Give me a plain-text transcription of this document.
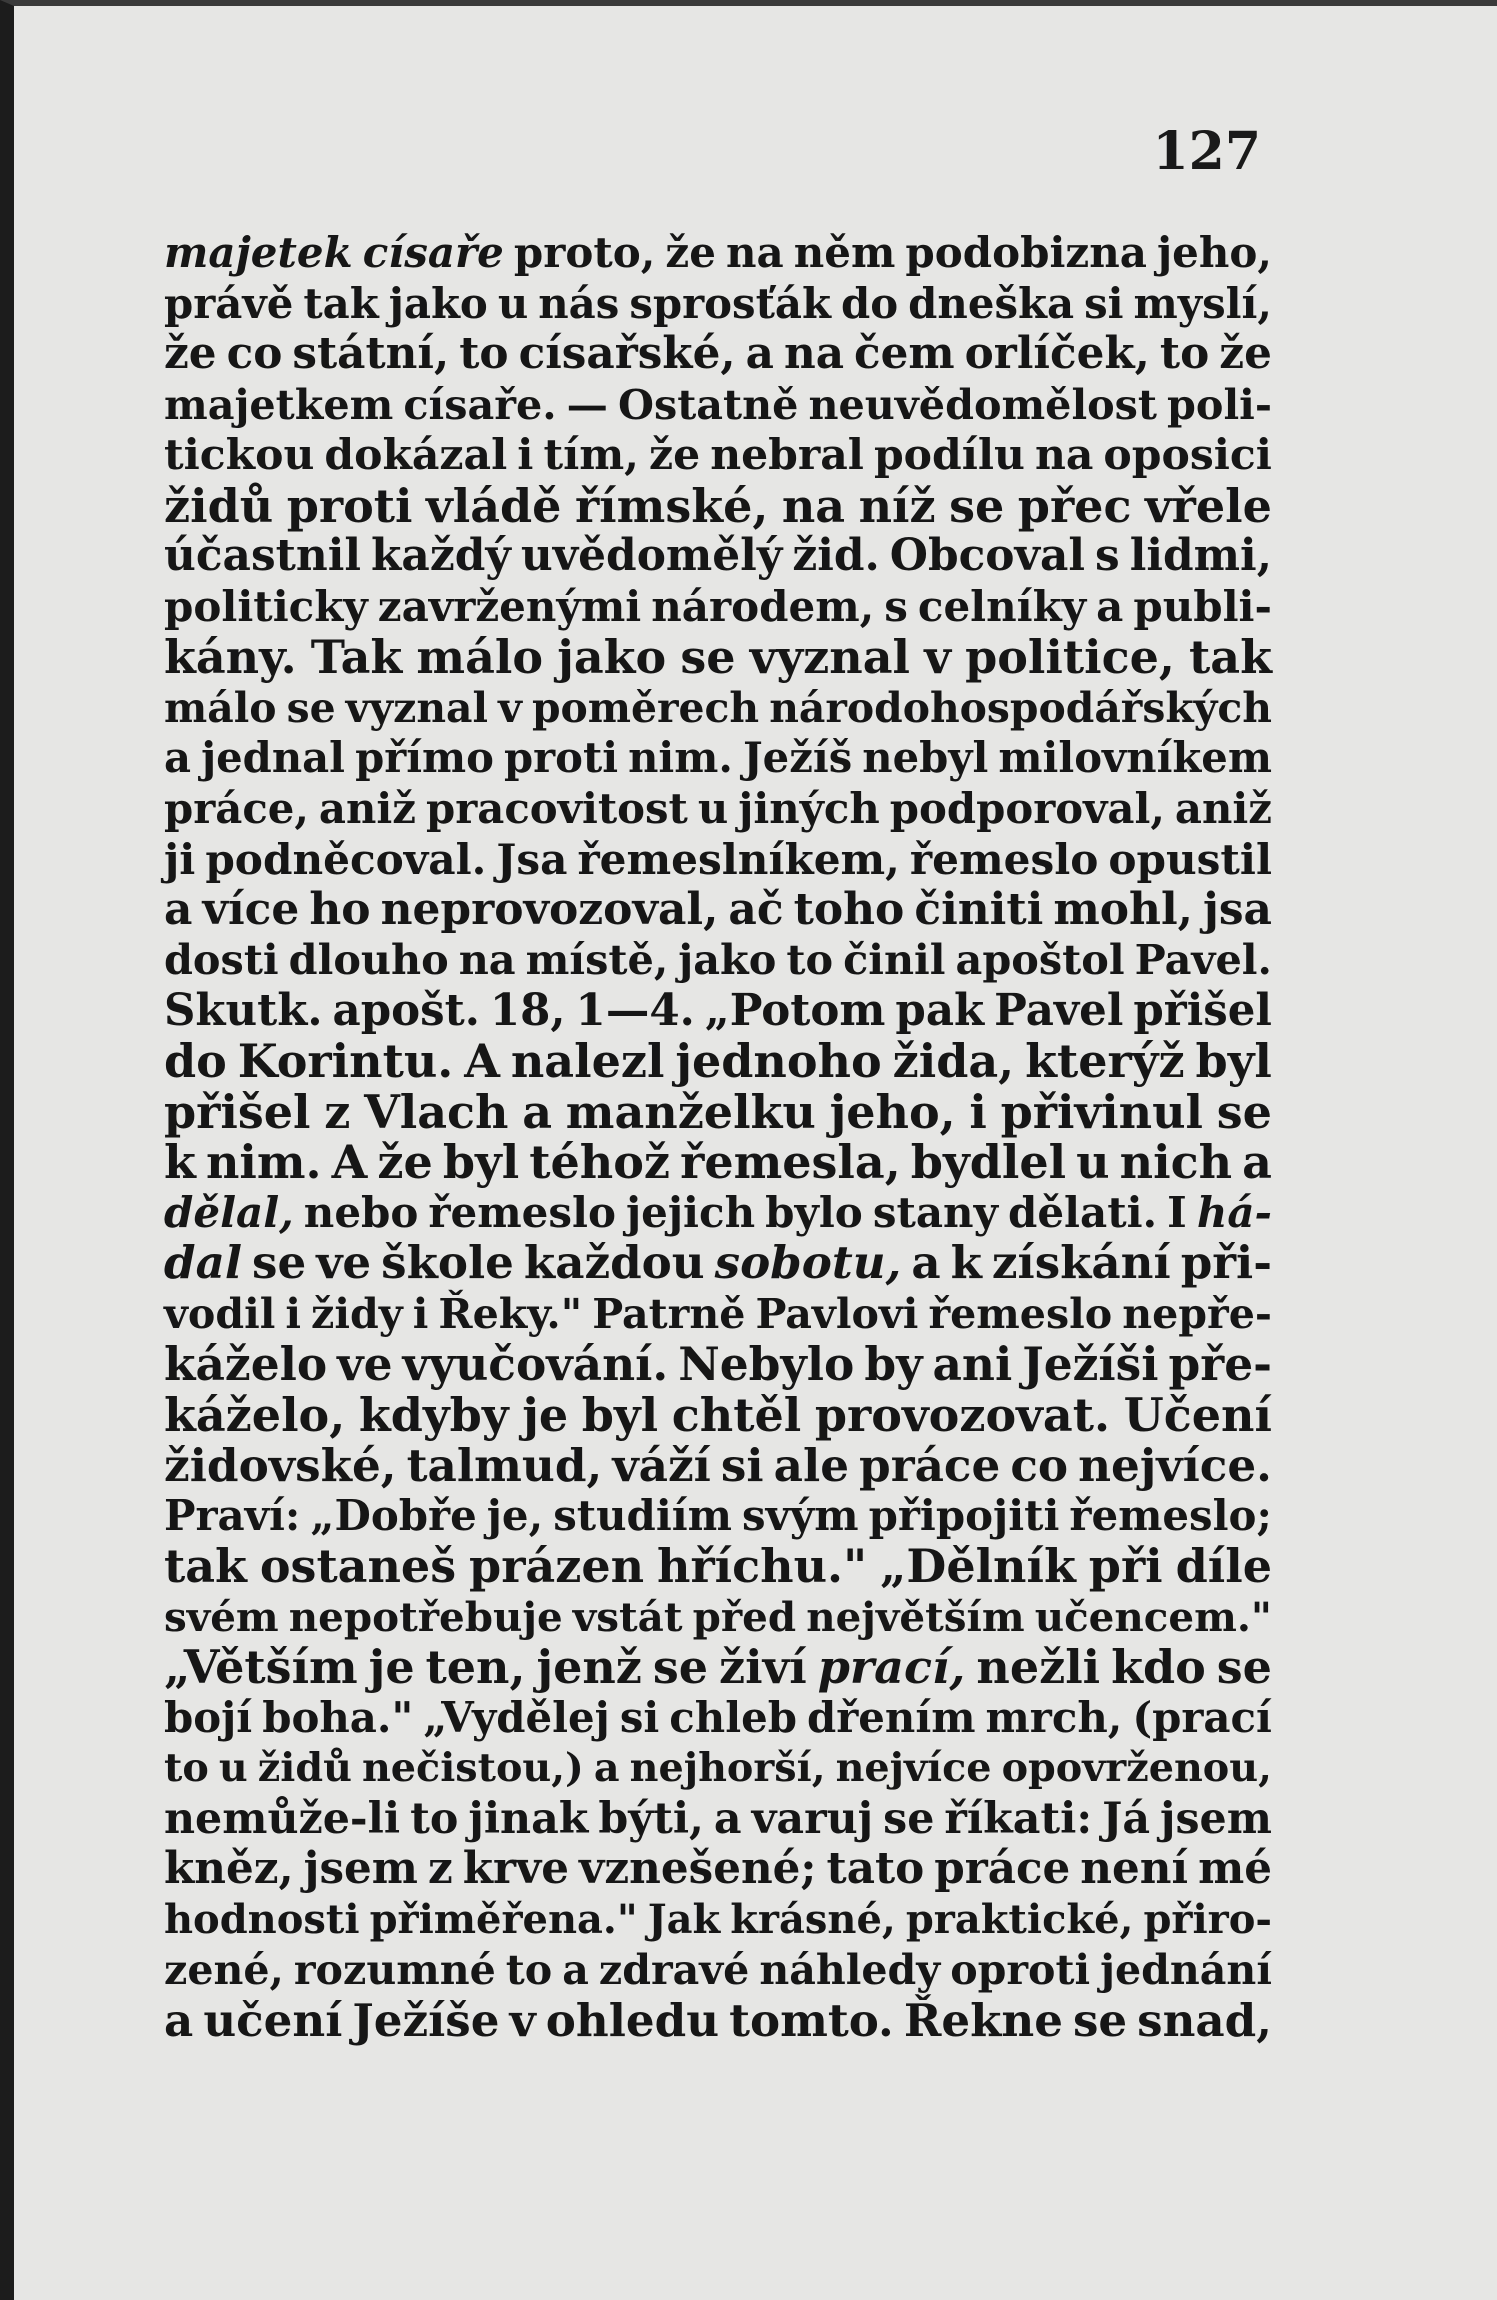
127
majetek císaře proto, že na něm podobizna jeho,
právě tak jako u nás sprosťák do dneška si myslí,
že co státní, to císařské, a na čem orlíček, to že
majetkem císaře. — Ostatně neuvědomělost poli-
tickou dokázal i tím, že nebral podílu na oposici
židů proti vládě římské, na níž se přec vřele
účastnil každý uvědomělý žid. Obcoval s lidmi,
politicky zavrženými národem, s celníky a publi-
kány. Tak málo jako se vyznal v politice, tak
málo se vyznal v poměrech národohospodářských
a jednal přímo proti nim. Ježíš nebyl milovníkem
práce, aniž pracovitost u jiných podporoval, aniž
ji podněcoval. Jsa řemeslníkem, řemeslo opustil
a více ho neprovozoval, ač toho činiti mohl, jsa
dosti dlouho na místě, jako to činil apoštol Pavel.
Skutk. apošt. 18, 1—4. „Potom pak Pavel přišel
do Korintu. A nalezl jednoho žida, kterýž byl
přišel z Vlach a manželku jeho, i přivinul se
k nim. A že byl téhož řemesla, bydlel u nich a
dělal, nebo řemeslo jejich bylo stany dělati. I há-
dal se ve škole každou sobotu, a k získání při-
vodil i židy i Řeky." Patrně Pavlovi řemeslo nepře-
káželo ve vyučování. Nebylo by ani Ježíši pře-
káželo, kdyby je byl chtěl provozovat. Učení
židovské, talmud, váží si ale práce co nejvíce.
Praví: „Dobře je, studiím svým připojiti řemeslo;
tak ostaneš prázen hříchu." „Dělník při díle
svém nepotřebuje vstát před největším učencem."
„Větším je ten, jenž se živí prací, nežli kdo se
bojí boha." „Vydělej si chleb dřením mrch, (prací
to u židů nečistou,) a nejhorší, nejvíce opovrženou,
nemůže-li to jinak býti, a varuj se říkati: Já jsem
kněz, jsem z krve vznešené; tato práce není mé
hodnosti přiměřena." Jak krásné, praktické, přiro-
zené, rozumné to a zdravé náhledy oproti jednání
a učení Ježíše v ohledu tomto. Řekne se snad,
